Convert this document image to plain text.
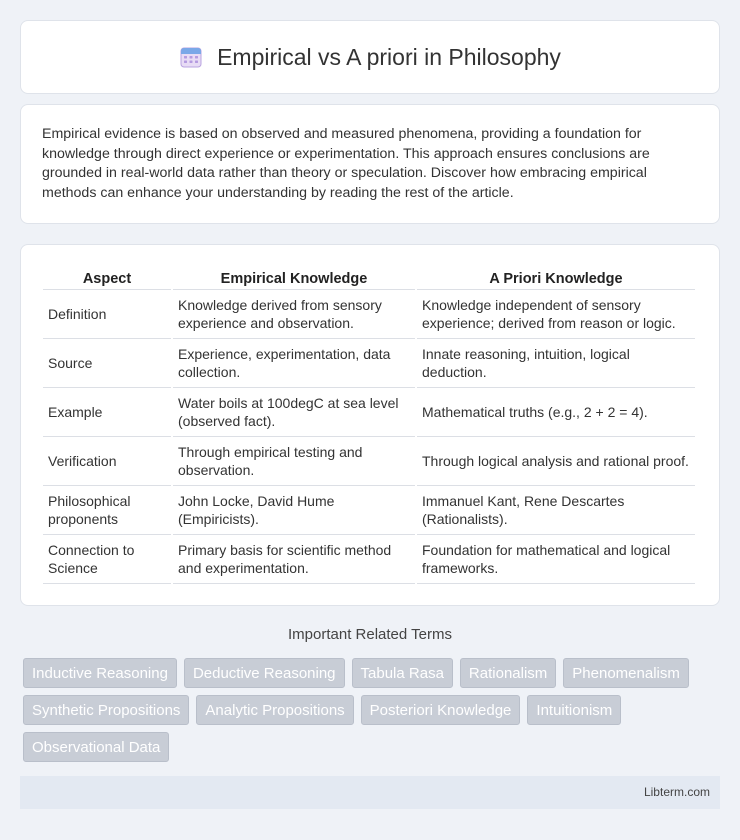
Empirical vs A priori in Philosophy

Empirical evidence is based on observed and measured phenomena, providing a foundation for knowledge through direct experience or experimentation. This approach ensures conclusions are grounded in real-world data rather than theory or speculation. Discover how embracing empirical methods can enhance your understanding by reading the rest of the article.

Aspect	Empirical Knowledge	A Priori Knowledge
Definition	Knowledge derived from sensory experience and observation.	Knowledge independent of sensory experience; derived from reason or logic.
Source	Experience, experimentation, data collection.	Innate reasoning, intuition, logical deduction.
Example	Water boils at 100degC at sea level (observed fact).	Mathematical truths (e.g., 2 + 2 = 4).
Verification	Through empirical testing and observation.	Through logical analysis and rational proof.
Philosophical proponents	John Locke, David Hume (Empiricists).	Immanuel Kant, Rene Descartes (Rationalists).
Connection to Science	Primary basis for scientific method and experimentation.	Foundation for mathematical and logical frameworks.
Important Related Terms
Inductive Reasoning	Deductive Reasoning	Tabula Rasa	Rationalism	Phenomenalism
Synthetic Propositions	Analytic Propositions	Posteriori Knowledge	Intuitionism
Observational Data
Libterm.com
